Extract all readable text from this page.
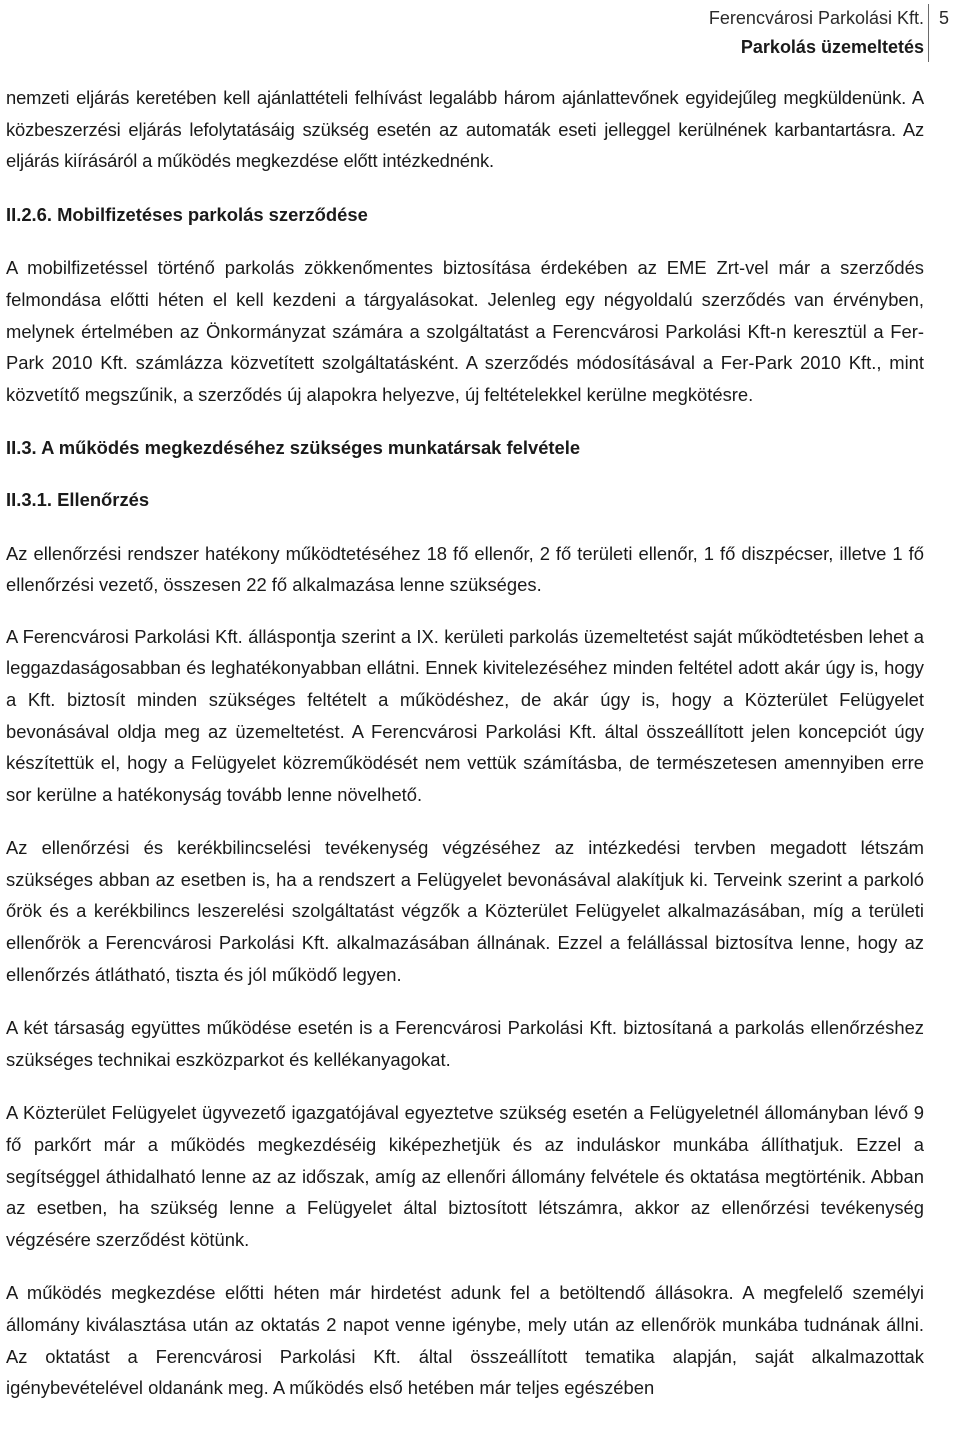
Ferencvárosi Parkolási Kft.
Parkolás üzemeltetés
5

nemzeti eljárás keretében kell ajánlattételi felhívást legalább három ajánlattevőnek egyidejűleg megküldenünk. A közbeszerzési eljárás lefolytatásáig szükség esetén az automaták eseti jelleggel kerülnének karbantartásra. Az eljárás kiírásáról a működés megkezdése előtt intézkednénk.

II.2.6. Mobilfizetéses parkolás szerződése

A mobilfizetéssel történő parkolás zökkenőmentes biztosítása érdekében az EME Zrt-vel már a szerződés felmondása előtti héten el kell kezdeni a tárgyalásokat. Jelenleg egy négyoldalú szerződés van érvényben, melynek értelmében az Önkormányzat számára a szolgáltatást a Ferencvárosi Parkolási Kft-n keresztül a Fer-Park 2010 Kft. számlázza közvetített szolgáltatásként. A szerződés módosításával a Fer-Park 2010 Kft., mint közvetítő megszűnik, a szerződés új alapokra helyezve, új feltételekkel kerülne megkötésre.

II.3. A működés megkezdéséhez szükséges munkatársak felvétele
II.3.1. Ellenőrzés

Az ellenőrzési rendszer hatékony működtetéséhez 18 fő ellenőr, 2 fő területi ellenőr, 1 fő diszpécser, illetve 1 fő ellenőrzési vezető, összesen 22 fő alkalmazása lenne szükséges.

A Ferencvárosi Parkolási Kft. álláspontja szerint a IX. kerületi parkolás üzemeltetést saját működtetésben lehet a leggazdaságosabban és leghatékonyabban ellátni. Ennek kivitelezéséhez minden feltétel adott akár úgy is, hogy a Kft. biztosít minden szükséges feltételt a működéshez, de akár úgy is, hogy a Közterület Felügyelet bevonásával oldja meg az üzemeltetést. A Ferencvárosi Parkolási Kft. által összeállított jelen koncepciót úgy készítettük el, hogy a Felügyelet közreműködését nem vettük számításba, de természetesen amennyiben erre sor kerülne a hatékonyság tovább lenne növelhető.

Az ellenőrzési és kerékbilincselési tevékenység végzéséhez az intézkedési tervben megadott létszám szükséges abban az esetben is, ha a rendszert a Felügyelet bevonásával alakítjuk ki. Terveink szerint a parkoló őrök és a kerékbilincs leszerelési szolgáltatást végzők a Közterület Felügyelet alkalmazásában, míg a területi ellenőrök a Ferencvárosi Parkolási Kft. alkalmazásában állnának. Ezzel a felállással biztosítva lenne, hogy az ellenőrzés átlátható, tiszta és jól működő legyen.

A két társaság együttes működése esetén is a Ferencvárosi Parkolási Kft. biztosítaná a parkolás ellenőrzéshez szükséges technikai eszközparkot és kellékanyagokat.

A Közterület Felügyelet ügyvezető igazgatójával egyeztetve szükség esetén a Felügyeletnél állományban lévő 9 fő parkőrt már a működés megkezdéséig kiképezhetjük és az induláskor munkába állíthatjuk. Ezzel a segítséggel áthidalható lenne az az időszak, amíg az ellenőri állomány felvétele és oktatása megtörténik. Abban az esetben, ha szükség lenne a Felügyelet által biztosított létszámra, akkor az ellenőrzési tevékenység végzésére szerződést kötünk.

A működés megkezdése előtti héten már hirdetést adunk fel a betöltendő állásokra. A megfelelő személyi állomány kiválasztása után az oktatás 2 napot venne igénybe, mely után az ellenőrök munkába tudnának állni. Az oktatást a Ferencvárosi Parkolási Kft. által összeállított tematika alapján, saját alkalmazottak igénybevételével oldanánk meg. A működés első hetében már teljes egészében
